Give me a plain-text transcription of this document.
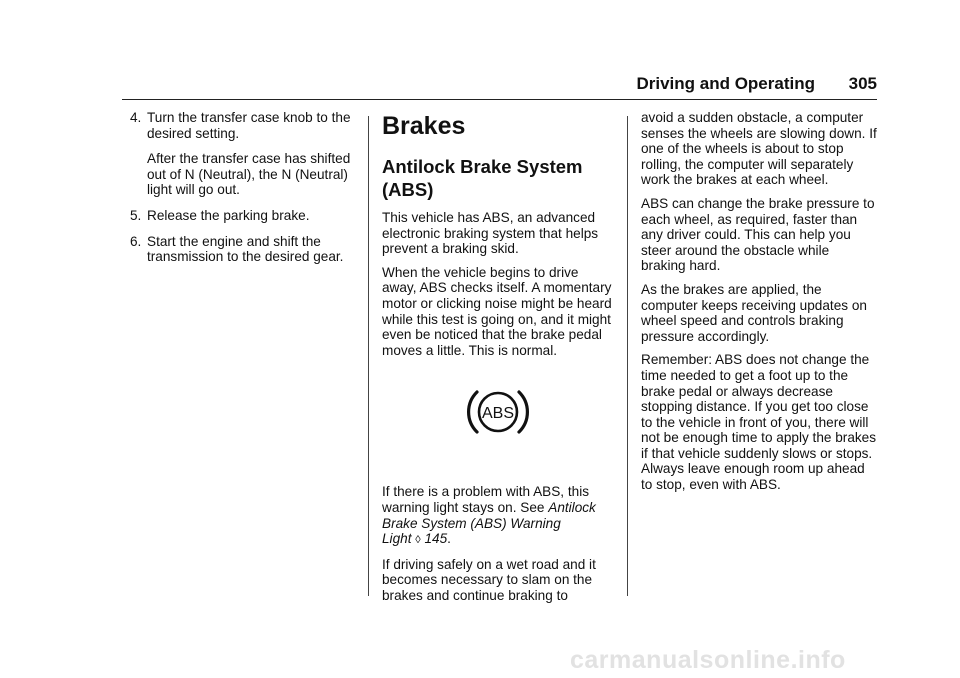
Driving and Operating 305
4. Turn the transfer case knob to the desired setting.
After the transfer case has shifted out of N (Neutral), the N (Neutral) light will go out.
5. Release the parking brake.
6. Start the engine and shift the transmission to the desired gear.
Brakes
Antilock Brake System (ABS)
This vehicle has ABS, an advanced electronic braking system that helps prevent a braking skid.
When the vehicle begins to drive away, ABS checks itself. A momentary motor or clicking noise might be heard while this test is going on, and it might even be noticed that the brake pedal moves a little. This is normal.
ABS
If there is a problem with ABS, this warning light stays on. See Antilock Brake System (ABS) Warning Light ◊ 145.
If driving safely on a wet road and it becomes necessary to slam on the brakes and continue braking to
avoid a sudden obstacle, a computer senses the wheels are slowing down. If one of the wheels is about to stop rolling, the computer will separately work the brakes at each wheel.
ABS can change the brake pressure to each wheel, as required, faster than any driver could. This can help you steer around the obstacle while braking hard.
As the brakes are applied, the computer keeps receiving updates on wheel speed and controls braking pressure accordingly.
Remember: ABS does not change the time needed to get a foot up to the brake pedal or always decrease stopping distance. If you get too close to the vehicle in front of you, there will not be enough time to apply the brakes if that vehicle suddenly slows or stops. Always leave enough room up ahead to stop, even with ABS.
carmanualsonline.info
